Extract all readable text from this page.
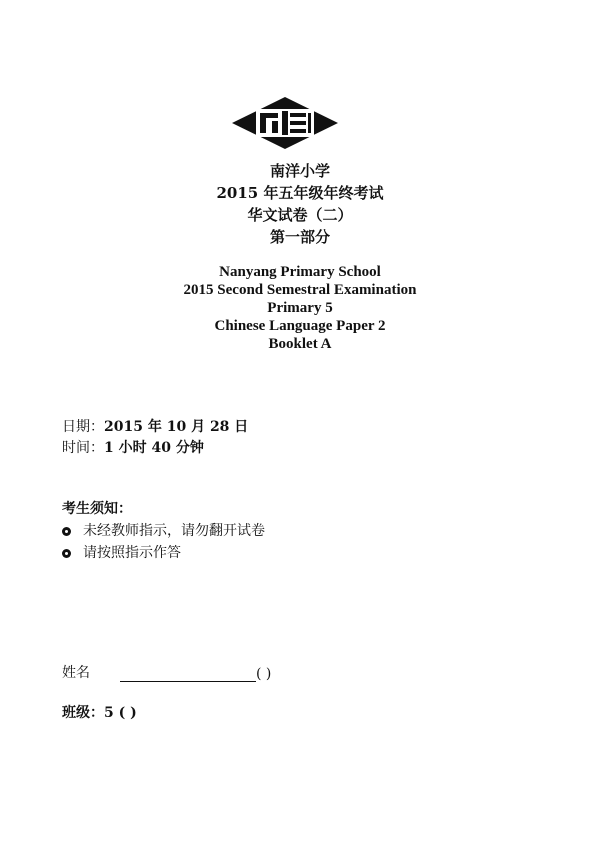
南洋小学
2015 年五年级年终考试
华文试卷（二）
第一部分
Nanyang Primary School
2015 Second Semestral Examination
Primary 5
Chinese Language Paper 2
Booklet A
日期：2015 年 10 月 28 日
时间：1 小时 40 分钟
考生须知：
未经教师指示，请勿翻开试卷
请按照指示作答
姓名	( )
班级：5 ( )
